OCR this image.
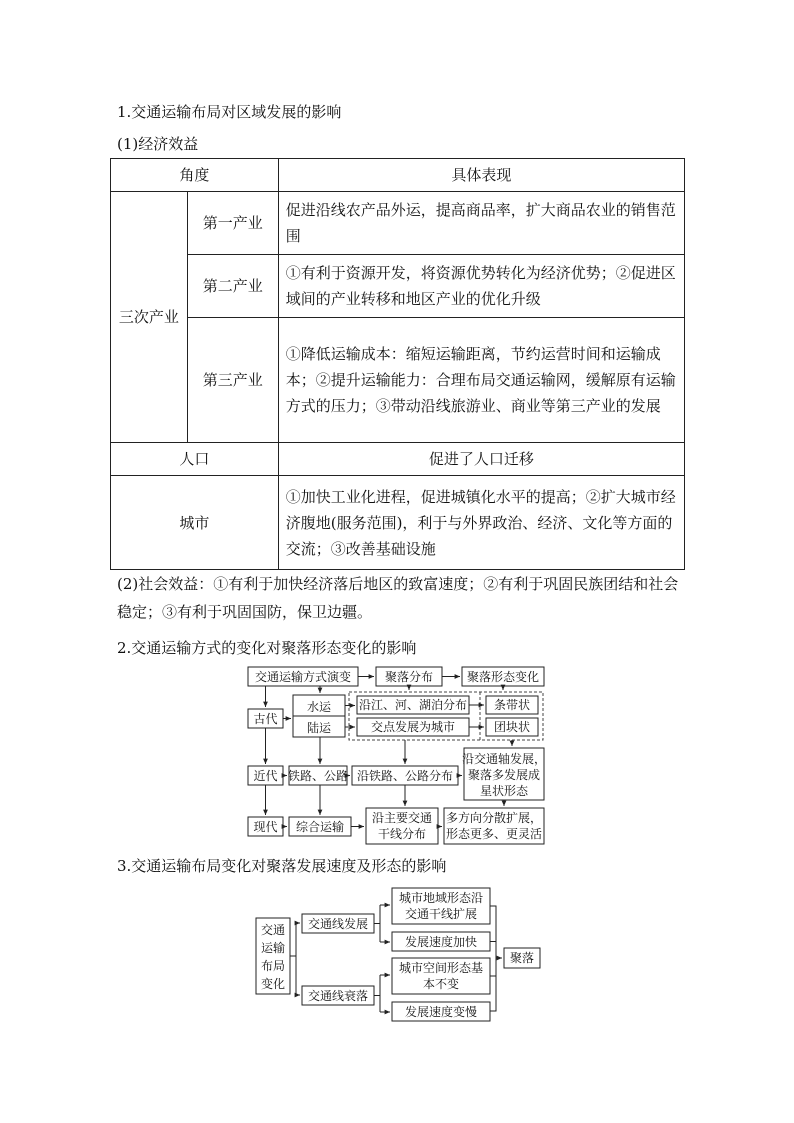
1.交通运输布局对区域发展的影响
(1)经济效益
角度		具体表现
三次产业	第一产业	促进沿线农产品外运，提高商品率，扩大商品农业的销售范围
	第二产业	①有利于资源开发，将资源优势转化为经济优势；②促进区域间的产业转移和地区产业的优化升级
	第三产业	①降低运输成本：缩短运输距离，节约运营时间和运输成本；②提升运输能力：合理布局交通运输网，缓解原有运输方式的压力；③带动沿线旅游业、商业等第三产业的发展
人口		促进了人口迁移
城市		①加快工业化进程，促进城镇化水平的提高；②扩大城市经济腹地(服务范围)，利于与外界政治、经济、文化等方面的交流；③改善基础设施
(2)社会效益：①有利于加快经济落后地区的致富速度；②有利于巩固民族团结和社会稳定；③有利于巩固国防，保卫边疆。
2.交通运输方式的变化对聚落形态变化的影响
交通运输方式演变	聚落分布	聚落形态变化
古代
水运
陆运
沿江、河、湖泊分布
交点发展为城市
条带状
团块状
近代 铁路、公路 沿铁路、公路分布
沿交通轴发展，
聚落多发展成
星状形态
现代 综合运输
沿主要交通
干线分布
多方向分散扩展，
形态更多、更灵活
交通
运输
布局
变化
交通线发展
交通线衰落
城市地域形态沿
交通干线扩展
发展速度加快
城市空间形态基
本不变
发展速度变慢
聚落
3.交通运输布局变化对聚落发展速度及形态的影响
